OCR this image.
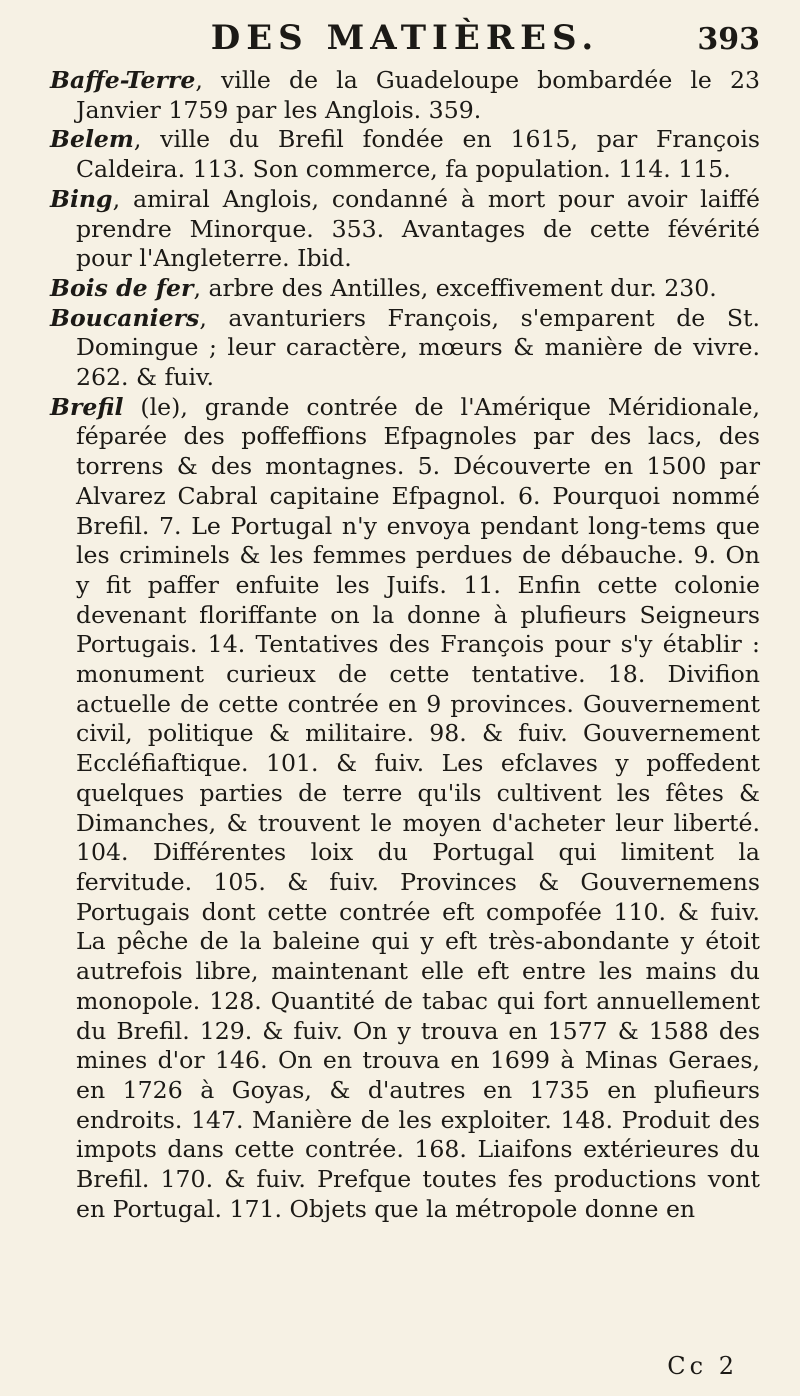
DES MATIÈRES.	393

Baffe-Terre, ville de la Guadeloupe bombardée le 23 Janvier 1759 par les Anglois. 359.

Belem, ville du Brefil fondée en 1615, par François Caldeira. 113. Son commerce, fa population. 114. 115.

Bing, amiral Anglois, condanné à mort pour avoir laiffé prendre Minorque. 353. Avantages de cette févérité pour l'Angleterre. Ibid.

Bois de fer, arbre des Antilles, exceffivement dur. 230.

Boucaniers, avanturiers François, s'emparent de St. Domingue ; leur caractère, mœurs & manière de vivre. 262. & fuiv.

Brefil (le), grande contrée de l'Amérique Méridionale, féparée des poffeffions Efpagnoles par des lacs, des torrens & des montagnes. 5. Découverte en 1500 par Alvarez Cabral capitaine Efpagnol. 6. Pourquoi nommé Brefil. 7. Le Portugal n'y envoya pendant long-tems que les criminels & les femmes perdues de débauche. 9. On y fit paffer enfuite les Juifs. 11. Enfin cette colonie devenant floriffante on la donne à plufieurs Seigneurs Portugais. 14. Tentatives des François pour s'y établir : monument curieux de cette tentative. 18. Divifion actuelle de cette contrée en 9 provinces. Gouvernement civil, politique & militaire. 98. & fuiv. Gouvernement Eccléfiaftique. 101. & fuiv. Les efclaves y poffedent quelques parties de terre qu'ils cultivent les fêtes & Dimanches, & trouvent le moyen d'acheter leur liberté. 104. Différentes loix du Portugal qui limitent la fervitude. 105. & fuiv. Provinces & Gouvernemens Portugais dont cette contrée eft compofée 110. & fuiv. La pêche de la baleine qui y eft très-abondante y étoit autrefois libre, maintenant elle eft entre les mains du monopole. 128. Quantité de tabac qui fort annuellement du Brefil. 129. & fuiv. On y trouva en 1577 & 1588 des mines d'or 146. On en trouva en 1699 à Minas Geraes, en 1726 à Goyas, & d'autres en 1735 en plufieurs endroits. 147. Manière de les exploiter. 148. Produit des impots dans cette contrée. 168. Liaifons extérieures du Brefil. 170. & fuiv. Prefque toutes fes productions vont en Portugal. 171. Objets que la métropole donne en

Cc 2
